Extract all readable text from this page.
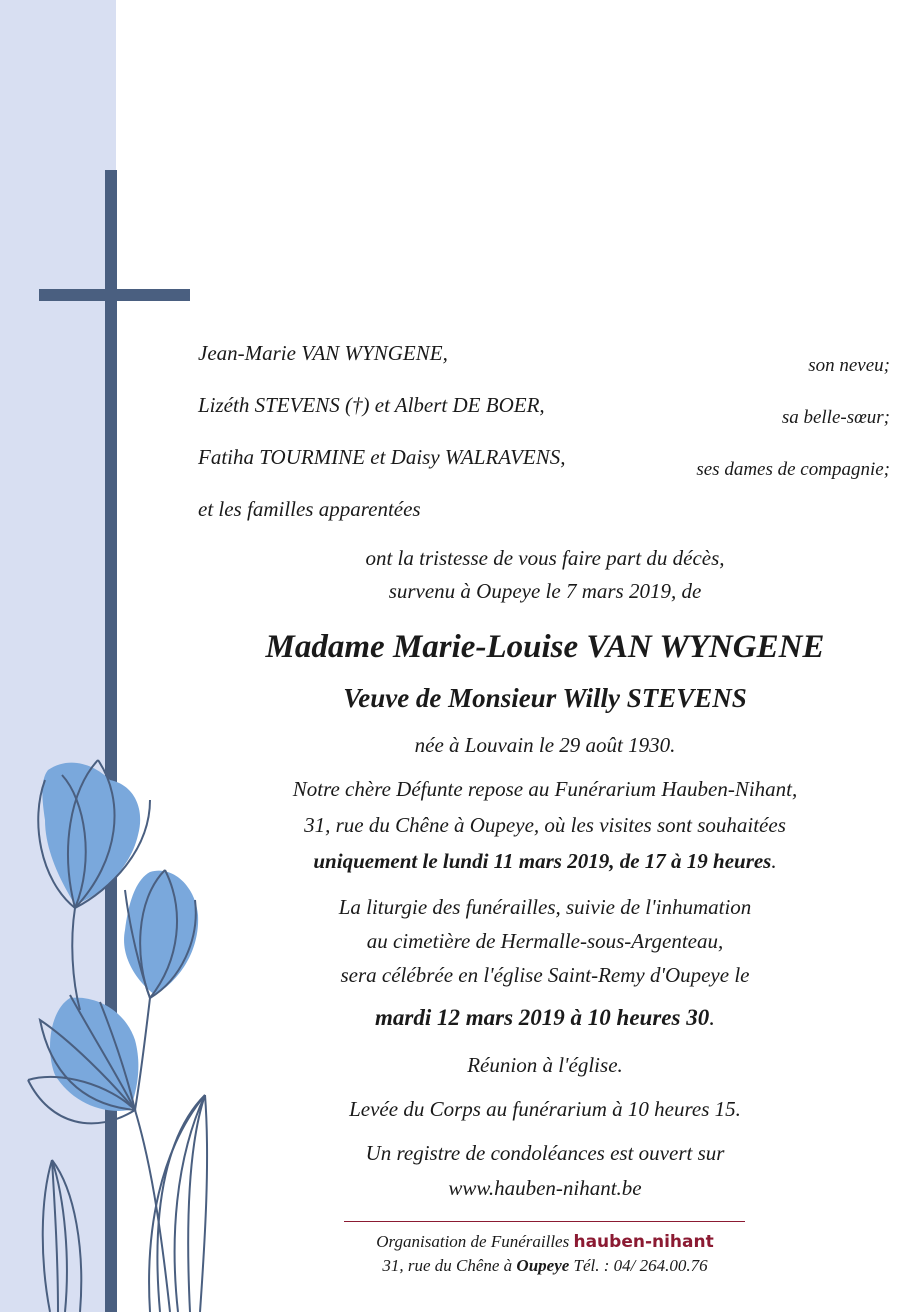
Jean-Marie VAN WYNGENE,
son neveu;
Lizéth STEVENS (†) et Albert DE BOER,
sa belle-sœur;
Fatiha TOURMINE et Daisy WALRAVENS,
ses dames de compagnie;
et les familles apparentées
ont la tristesse de vous faire part du décès,
survenu à Oupeye le 7 mars 2019, de
Madame Marie-Louise VAN WYNGENE
Veuve de Monsieur Willy STEVENS
née à Louvain le 29 août 1930.
Notre chère Défunte repose au Funérarium Hauben-Nihant,
31, rue du Chêne à Oupeye, où les visites sont souhaitées
uniquement le lundi 11 mars 2019, de 17 à 19 heures.
La liturgie des funérailles, suivie de l'inhumation
au cimetière de Hermalle-sous-Argenteau,
sera célébrée en l'église Saint-Remy d'Oupeye le
mardi 12 mars 2019 à 10 heures 30.
Réunion à l'église.
Levée du Corps au funérarium à 10 heures 15.
Un registre de condoléances est ouvert sur
www.hauben-nihant.be
Organisation de Funérailles hauben-nihant
31, rue du Chêne à Oupeye Tél. : 04/ 264.00.76
